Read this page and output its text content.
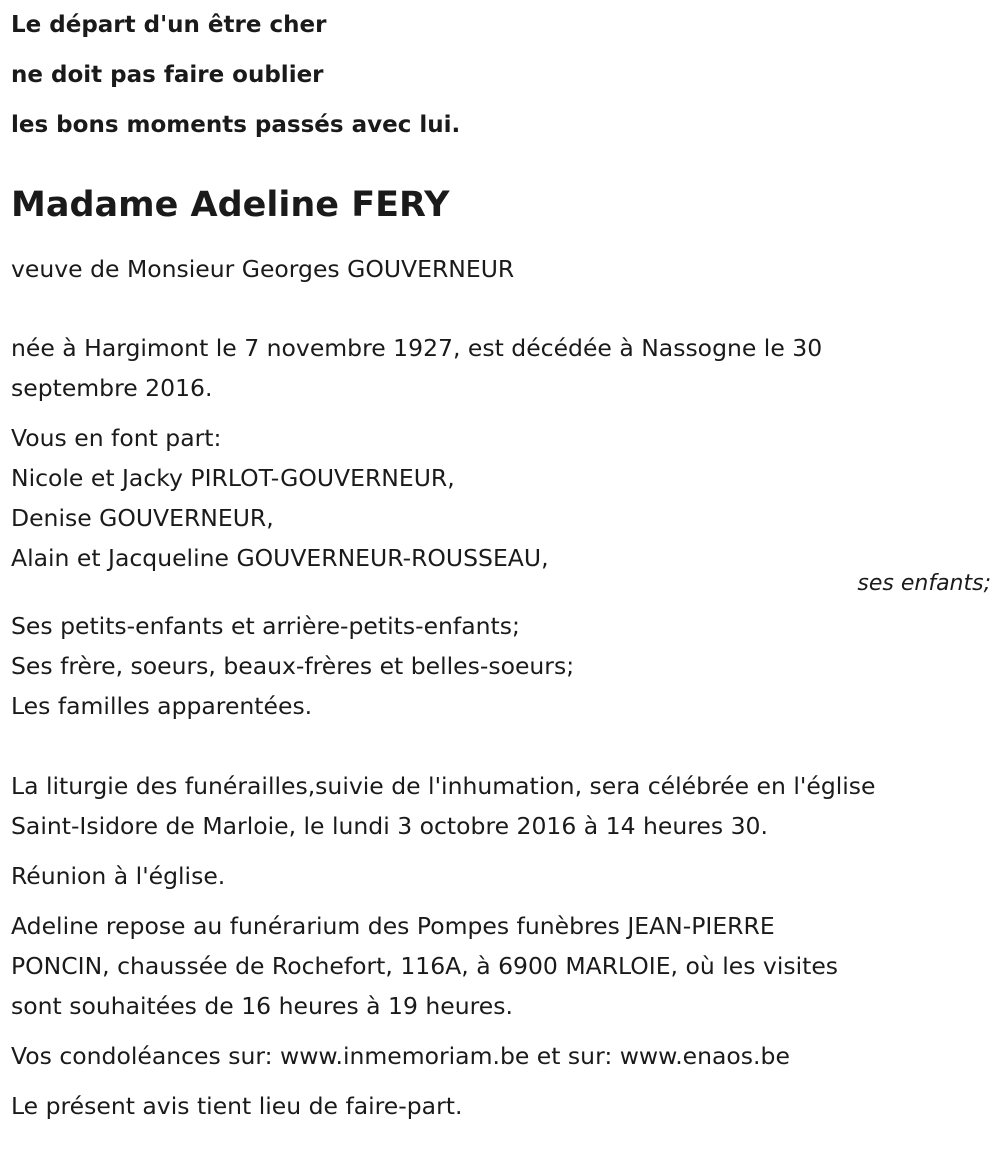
Le départ d'un être cher
ne doit pas faire oublier
les bons moments passés avec lui.
Madame Adeline FERY
veuve de Monsieur Georges GOUVERNEUR
née à Hargimont le 7 novembre 1927, est décédée à Nassogne le 30
septembre 2016.
Vous en font part:
Nicole et Jacky PIRLOT-GOUVERNEUR,
Denise GOUVERNEUR,
Alain et Jacqueline GOUVERNEUR-ROUSSEAU,
ses enfants;
Ses petits-enfants et arrière-petits-enfants;
Ses frère, soeurs, beaux-frères et belles-soeurs;
Les familles apparentées.
La liturgie des funérailles,suivie de l'inhumation, sera célébrée en l'église
Saint-Isidore de Marloie, le lundi 3 octobre 2016 à 14 heures 30.
Réunion à l'église.
Adeline repose au funérarium des Pompes funèbres JEAN-PIERRE
PONCIN, chaussée de Rochefort, 116A, à 6900 MARLOIE, où les visites
sont souhaitées de 16 heures à 19 heures.
Vos condoléances sur: www.inmemoriam.be et sur: www.enaos.be
Le présent avis tient lieu de faire-part.
